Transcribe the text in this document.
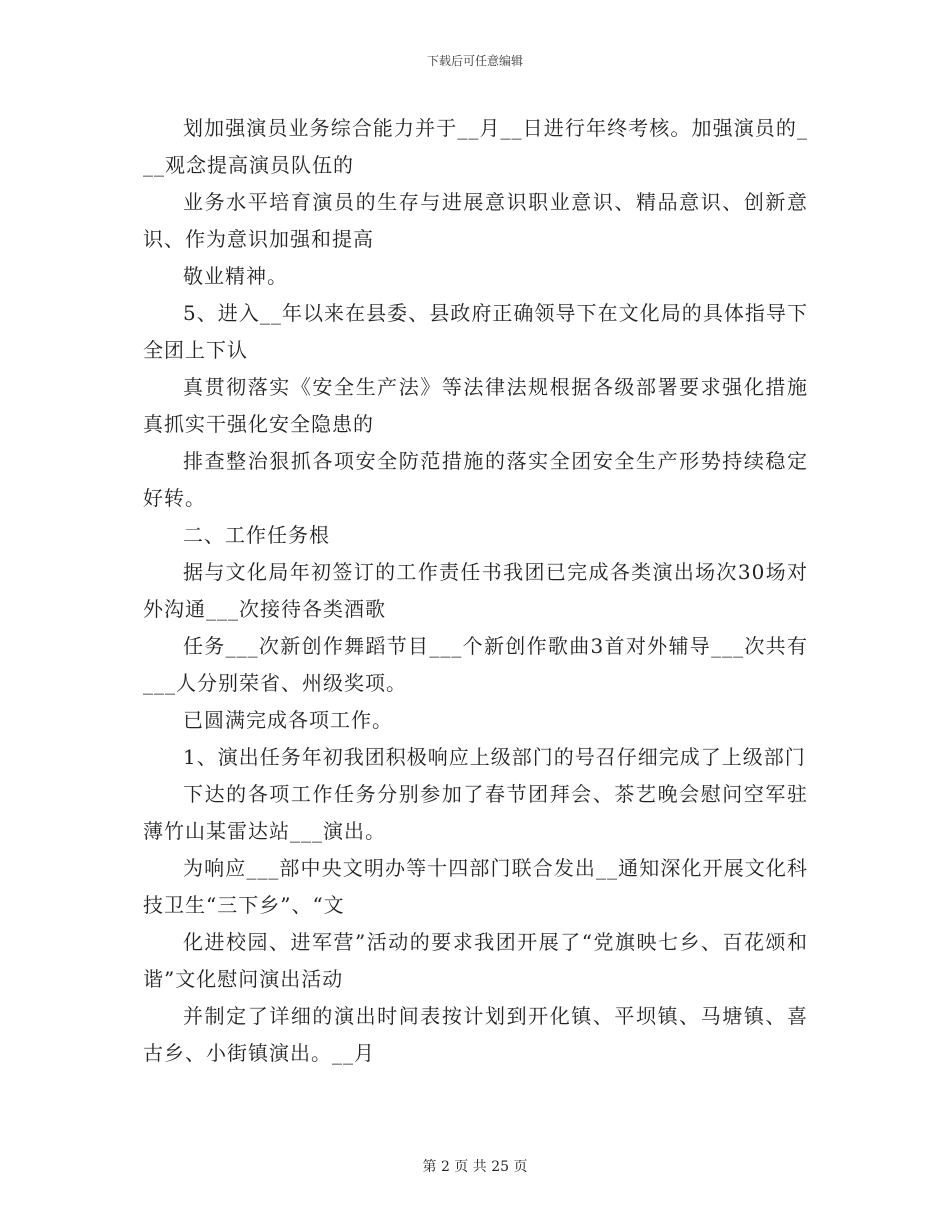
下载后可任意编辑

划加强演员业务综合能力并于__月__日进行年终考核。加强演员的___观念提高演员队伍的

业务水平培育演员的生存与进展意识职业意识、精品意识、创新意识、作为意识加强和提高

敬业精神。

5、进入__年以来在县委、县政府正确领导下在文化局的具体指导下全团上下认

真贯彻落实《安全生产法》等法律法规根据各级部署要求强化措施真抓实干强化安全隐患的

排查整治狠抓各项安全防范措施的落实全团安全生产形势持续稳定好转。

二、工作任务根

据与文化局年初签订的工作责任书我团已完成各类演出场次30场对外沟通___次接待各类酒歌

任务___次新创作舞蹈节目___个新创作歌曲3首对外辅导___次共有___人分别荣省、州级奖项。

已圆满完成各项工作。

1、演出任务年初我团积极响应上级部门的号召仔细完成了上级部门

下达的各项工作任务分别参加了春节团拜会、茶艺晚会慰问空军驻薄竹山某雷达站___演出。

为响应___部中央文明办等十四部门联合发出__通知深化开展文化科技卫生“三下乡”、“文

化进校园、进军营”活动的要求我团开展了“党旗映七乡、百花颂和谐”文化慰问演出活动

并制定了详细的演出时间表按计划到开化镇、平坝镇、马塘镇、喜古乡、小街镇演出。__月

第 2 页 共 25 页
